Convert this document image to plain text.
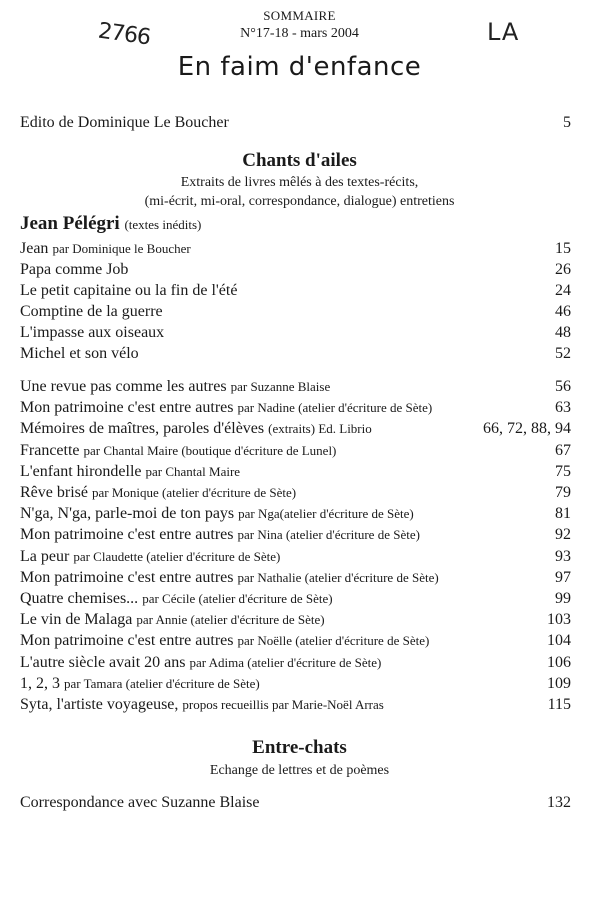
2766	LA
SOMMAIRE
N°17-18 - mars 2004
En faim d'enfance
Edito de Dominique Le Boucher	5
Chants d'ailes
Extraits de livres mêlés à des textes-récits,
(mi-écrit, mi-oral, correspondance, dialogue) entretiens
Jean Pélégri (textes inédits)
Jean par Dominique le Boucher	15
Papa comme Job	26
Le petit capitaine ou la fin de l'été	24
Comptine de la guerre	46
L'impasse aux oiseaux	48
Michel et son vélo	52
Une revue pas comme les autres par Suzanne Blaise	56
Mon patrimoine c'est entre autres par Nadine (atelier d'écriture de Sète)	63
Mémoires de maîtres, paroles d'élèves (extraits) Ed. Librio	66, 72, 88, 94
Francette par Chantal Maire (boutique d'écriture de Lunel)	67
L'enfant hirondelle par Chantal Maire	75
Rêve brisé par Monique (atelier d'écriture de Sète)	79
N'ga, N'ga, parle-moi de ton pays par Nga(atelier d'écriture de Sète)	81
Mon patrimoine c'est entre autres par Nina (atelier d'écriture de Sète)	92
La peur par Claudette (atelier d'écriture de Sète)	93
Mon patrimoine c'est entre autres par Nathalie (atelier d'écriture de Sète)	97
Quatre chemises... par Cécile (atelier d'écriture de Sète)	99
Le vin de Malaga par Annie (atelier d'écriture de Sète)	103
Mon patrimoine c'est entre autres par Noëlle (atelier d'écriture de Sète)	104
L'autre siècle avait 20 ans par Adima (atelier d'écriture de Sète)	106
1, 2, 3 par Tamara (atelier d'écriture de Sète)	109
Syta, l'artiste voyageuse, propos recueillis par Marie-Noël Arras	115
Entre-chats
Echange de lettres et de poèmes
Correspondance avec Suzanne Blaise	132
